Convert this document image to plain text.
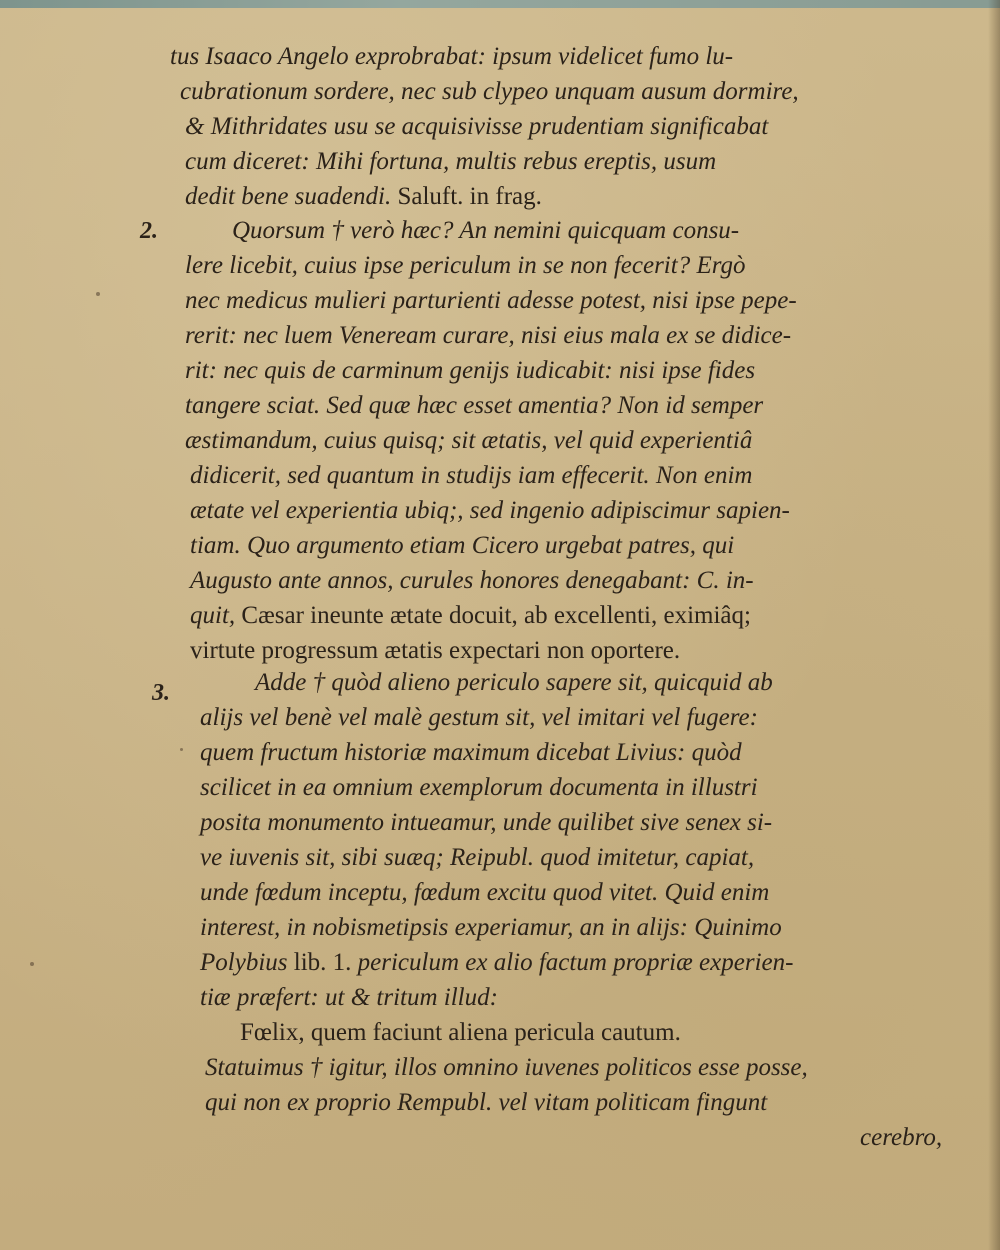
tus Isaaco Angelo exprobrabat: ipsum videlicet fumo lu-
cubrationum sordere, nec sub clypeo unquam ausum dormire,
& Mithridates usu se acquisivisse prudentiam significabat
cum diceret: Mihi fortuna, multis rebus ereptis, usum
dedit bene suadendi. Saluft. in frag.
2.	Quorsum † verò hæc? An nemini quicquam consu-
lere licebit, cuius ipse periculum in se non fecerit? Ergò
nec medicus mulieri parturienti adesse potest, nisi ipse pepe-
rerit: nec luem Veneream curare, nisi eius mala ex se didice-
rit: nec quis de carminum genijs iudicabit: nisi ipse fides
tangere sciat. Sed quæ hæc esset amentia? Non id semper
æstimandum, cuius quisq; sit ætatis, vel quid experientiâ
didicerit, sed quantum in studijs iam effecerit. Non enim
ætate vel experientia ubiq;, sed ingenio adipiscimur sapien-
tiam. Quo argumento etiam Cicero urgebat patres, qui
Augusto ante annos, curules honores denegabant: C. in-
quit, Cæsar ineunte ætate docuit, ab excellenti, eximiâq;
virtute progressum ætatis expectari non oportere.
3.	Adde † quòd alieno periculo sapere sit, quicquid ab
alijs vel benè vel malè gestum sit, vel imitari vel fugere:
quem fructum historiæ maximum dicebat Livius: quòd
scilicet in ea omnium exemplorum documenta in illustri
posita monumento intueamur, unde quilibet sive senex si-
ve iuvenis sit, sibi suæq; Reipubl. quod imitetur, capiat,
unde fœdum inceptu, fœdum excitu quod vitet. Quid enim
interest, in nobismetipsis experiamur, an in alijs: Quinimo
Polybius lib. 1. periculum ex alio factum propriæ experien-
tiæ præfert: ut & tritum illud:
Fœlix, quem faciunt aliena pericula cautum.
Statuimus † igitur, illos omnino iuvenes politicos esse posse,
qui non ex proprio Rempubl. vel vitam politicam fingunt
cerebro,
